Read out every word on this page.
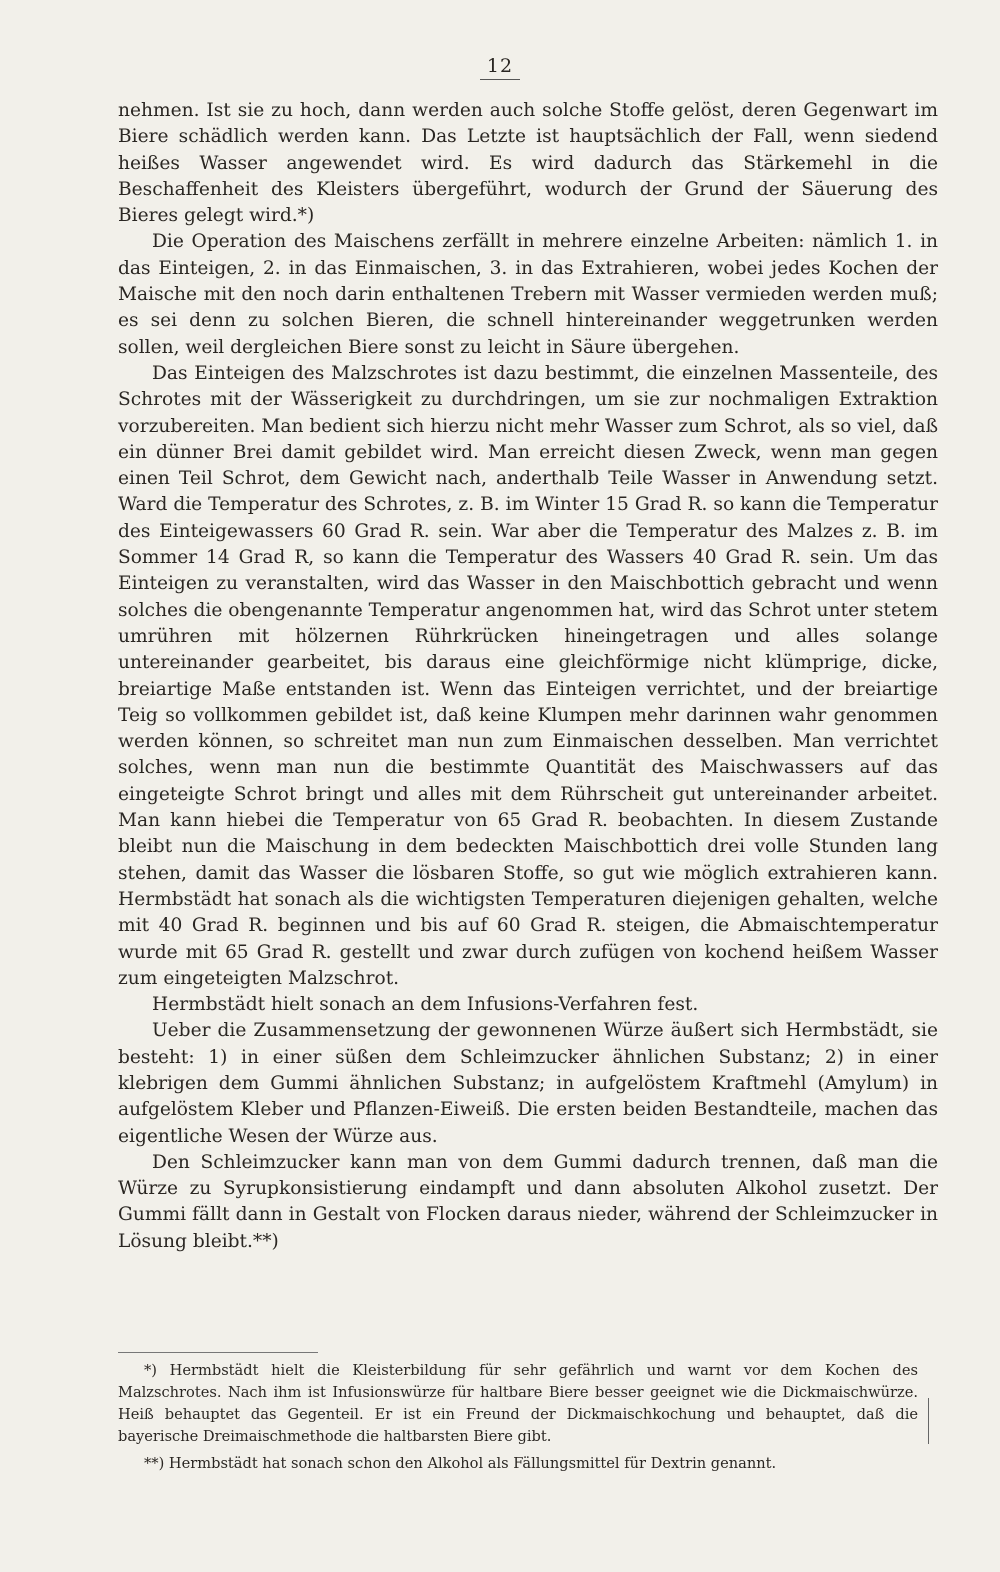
12

nehmen. Ist sie zu hoch, dann werden auch solche Stoffe gelöst, deren Gegenwart im Biere schädlich werden kann. Das Letzte ist hauptsächlich der Fall, wenn siedend heißes Wasser angewendet wird. Es wird dadurch das Stärkemehl in die Beschaffenheit des Kleisters übergeführt, wodurch der Grund der Säuerung des Bieres gelegt wird.*)

Die Operation des Maischens zerfällt in mehrere einzelne Arbeiten: nämlich 1. in das Einteigen, 2. in das Einmaischen, 3. in das Extrahieren, wobei jedes Kochen der Maische mit den noch darin enthaltenen Trebern mit Wasser vermieden werden muß; es sei denn zu solchen Bieren, die schnell hintereinander weggetrunken werden sollen, weil dergleichen Biere sonst zu leicht in Säure übergehen.

Das Einteigen des Malzschrotes ist dazu bestimmt, die einzelnen Massenteile, des Schrotes mit der Wässerigkeit zu durchdringen, um sie zur nochmaligen Extraktion vorzubereiten. Man bedient sich hierzu nicht mehr Wasser zum Schrot, als so viel, daß ein dünner Brei damit gebildet wird. Man erreicht diesen Zweck, wenn man gegen einen Teil Schrot, dem Gewicht nach, anderthalb Teile Wasser in Anwendung setzt. Ward die Temperatur des Schrotes, z. B. im Winter 15 Grad R. so kann die Temperatur des Einteigewassers 60 Grad R. sein. War aber die Temperatur des Malzes z. B. im Sommer 14 Grad R, so kann die Temperatur des Wassers 40 Grad R. sein. Um das Einteigen zu veranstalten, wird das Wasser in den Maischbottich gebracht und wenn solches die obengenannte Temperatur angenommen hat, wird das Schrot unter stetem umrühren mit hölzernen Rührkrücken hineingetragen und alles solange untereinander gearbeitet, bis daraus eine gleichförmige nicht klümprige, dicke, breiartige Maße entstanden ist. Wenn das Einteigen verrichtet, und der breiartige Teig so vollkommen gebildet ist, daß keine Klumpen mehr darinnen wahr genommen werden können, so schreitet man nun zum Einmaischen desselben. Man verrichtet solches, wenn man nun die bestimmte Quantität des Maischwassers auf das eingeteigte Schrot bringt und alles mit dem Rührscheit gut untereinander arbeitet. Man kann hiebei die Temperatur von 65 Grad R. beobachten. In diesem Zustande bleibt nun die Maischung in dem bedeckten Maischbottich drei volle Stunden lang stehen, damit das Wasser die lösbaren Stoffe, so gut wie möglich extrahieren kann. Hermbstädt hat sonach als die wichtigsten Temperaturen diejenigen gehalten, welche mit 40 Grad R. beginnen und bis auf 60 Grad R. steigen, die Abmaischtemperatur wurde mit 65 Grad R. gestellt und zwar durch zufügen von kochend heißem Wasser zum eingeteigten Malzschrot.

Hermbstädt hielt sonach an dem Infusions-Verfahren fest.

Ueber die Zusammensetzung der gewonnenen Würze äußert sich Hermbstädt, sie besteht: 1) in einer süßen dem Schleimzucker ähnlichen Substanz; 2) in einer klebrigen dem Gummi ähnlichen Substanz; in aufgelöstem Kraftmehl (Amylum) in aufgelöstem Kleber und Pflanzen-Eiweiß. Die ersten beiden Bestandteile, machen das eigentliche Wesen der Würze aus.

Den Schleimzucker kann man von dem Gummi dadurch trennen, daß man die Würze zu Syrupkonsistierung eindampft und dann absoluten Alkohol zusetzt. Der Gummi fällt dann in Gestalt von Flocken daraus nieder, während der Schleimzucker in Lösung bleibt.**)

*) Hermbstädt hielt die Kleisterbildung für sehr gefährlich und warnt vor dem Kochen des Malzschrotes. Nach ihm ist Infusionswürze für haltbare Biere besser geeignet wie die Dickmaischwürze. Heiß behauptet das Gegenteil. Er ist ein Freund der Dickmaischkochung und behauptet, daß die bayerische Dreimaischmethode die haltbarsten Biere gibt.

**) Hermbstädt hat sonach schon den Alkohol als Fällungsmittel für Dextrin genannt.
